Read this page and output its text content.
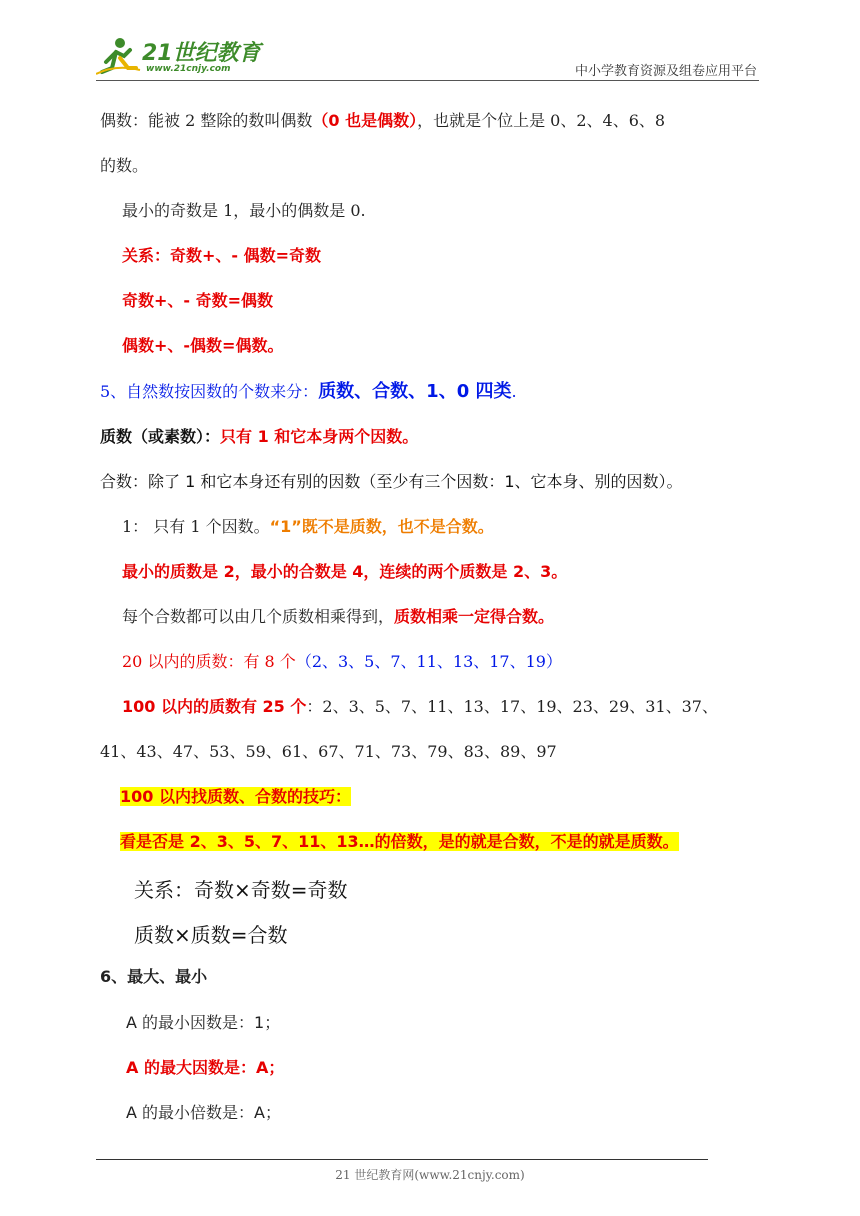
21世纪教育
www.21cnjy.com	中小学教育资源及组卷应用平台
偶数：能被 2 整除的数叫偶数（0 也是偶数），也就是个位上是 0、2、4、6、8
的数。
最小的奇数是 1，最小的偶数是 0.
关系：奇数+、- 偶数=奇数
奇数+、- 奇数=偶数
偶数+、-偶数=偶数。
5、自然数按因数的个数来分：质数、合数、1、0 四类.
质数（或素数）：只有 1 和它本身两个因数。
合数：除了 1 和它本身还有别的因数（至少有三个因数：1、它本身、别的因数）。
1： 只有 1 个因数。“1”既不是质数，也不是合数。
最小的质数是 2，最小的合数是 4，连续的两个质数是 2、3。
每个合数都可以由几个质数相乘得到，质数相乘一定得合数。
20 以内的质数：有 8 个（2、3、5、7、11、13、17、19）
100 以内的质数有 25 个：2、3、5、7、11、13、17、19、23、29、31、37、
41、43、47、53、59、61、67、71、73、79、83、89、97
100 以内找质数、合数的技巧：
看是否是 2、3、5、7、11、13…的倍数，是的就是合数，不是的就是质数。
关系：奇数×奇数=奇数
质数×质数=合数
6、最大、最小
A 的最小因数是：1；
A 的最大因数是：A；
A 的最小倍数是：A；
21 世纪教育网(www.21cnjy.com)
